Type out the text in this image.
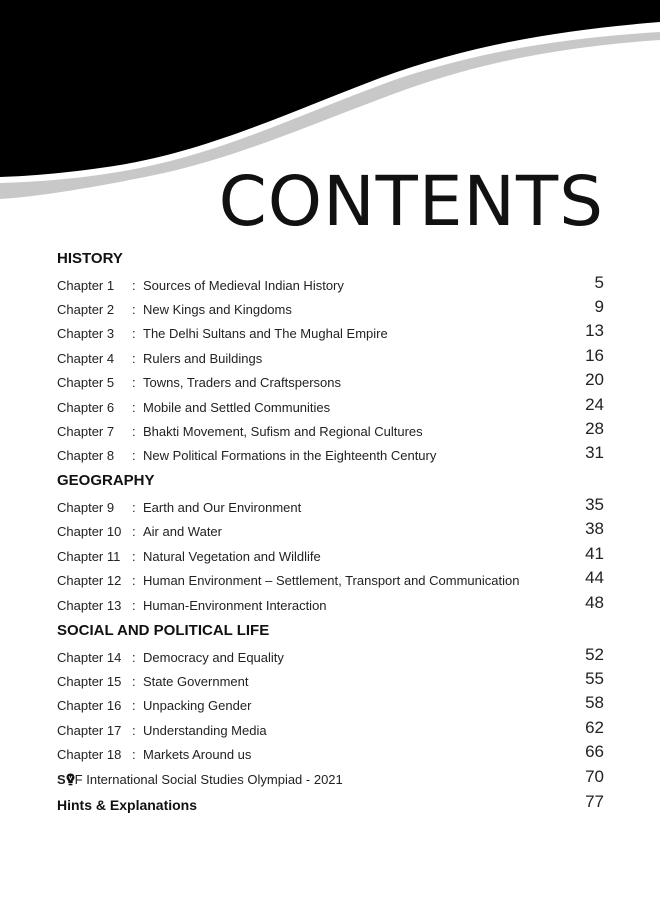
CONTENTS
HISTORY
Chapter 1 : Sources of Medieval Indian History	5
Chapter 2 : New Kings and Kingdoms	9
Chapter 3 : The Delhi Sultans and The Mughal Empire	13
Chapter 4 : Rulers and Buildings	16
Chapter 5 : Towns, Traders and Craftspersons	20
Chapter 6 : Mobile and Settled Communities	24
Chapter 7 : Bhakti Movement, Sufism and Regional Cultures	28
Chapter 8 : New Political Formations in the Eighteenth Century	31
GEOGRAPHY
Chapter 9 : Earth and Our Environment	35
Chapter 10 : Air and Water	38
Chapter 11 : Natural Vegetation and Wildlife	41
Chapter 12 : Human Environment – Settlement, Transport and Communication	44
Chapter 13 : Human-Environment Interaction	48
SOCIAL AND POLITICAL LIFE
Chapter 14 : Democracy and Equality	52
Chapter 15 : State Government	55
Chapter 16 : Unpacking Gender	58
Chapter 17 : Understanding Media	62
Chapter 18 : Markets Around us	66
S F International Social Studies Olympiad - 2021	70
Hints & Explanations	77
